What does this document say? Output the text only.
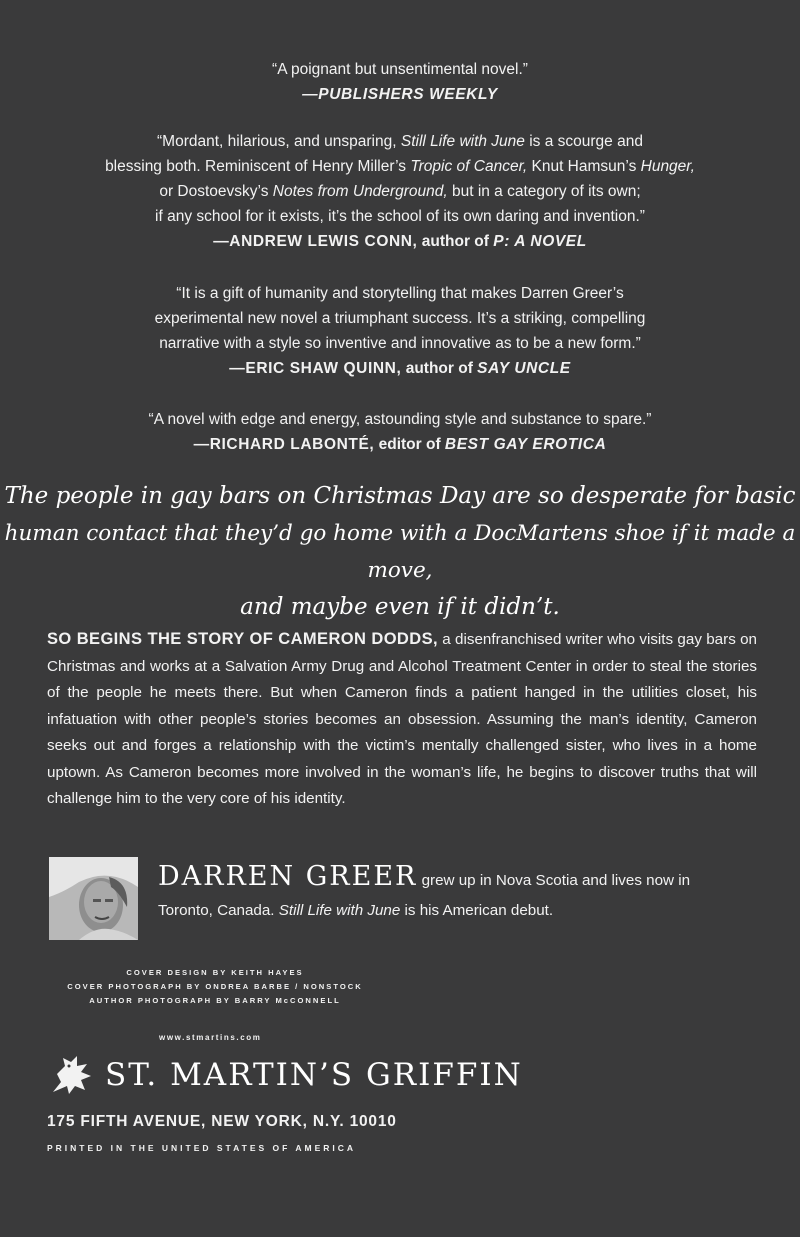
“A poignant but unsentimental novel.”
—PUBLISHERS WEEKLY
“Mordant, hilarious, and unsparing, Still Life with June is a scourge and
blessing both. Reminiscent of Henry Miller’s Tropic of Cancer, Knut Hamsun’s Hunger,
or Dostoevsky’s Notes from Underground, but in a category of its own;
if any school for it exists, it’s the school of its own daring and invention.”
—ANDREW LEWIS CONN, author of P: A NOVEL
“It is a gift of humanity and storytelling that makes Darren Greer’s
experimental new novel a triumphant success. It’s a striking, compelling
narrative with a style so inventive and innovative as to be a new form.”
—ERIC SHAW QUINN, author of SAY UNCLE
“A novel with edge and energy, astounding style and substance to spare.”
—RICHARD LABONTÉ, editor of BEST GAY EROTICA
The people in gay bars on Christmas Day are so desperate for basic
human contact that they’d go home with a DocMartens shoe if it made a move,
and maybe even if it didn’t.
SO BEGINS THE STORY OF CAMERON DODDS, a disenfranchised writer who visits gay bars on Christmas and works at a Salvation Army Drug and Alcohol Treatment Center in order to steal the stories of the people he meets there. But when Cameron finds a patient hanged in the utilities closet, his infatuation with other people’s stories becomes an obsession. Assuming the man’s identity, Cameron seeks out and forges a relationship with the victim’s mentally challenged sister, who lives in a home uptown. As Cameron becomes more involved in the woman’s life, he begins to discover truths that will challenge him to the very core of his identity.
DARREN GREER grew up in Nova Scotia and lives now in
Toronto, Canada. Still Life with June is his American debut.
COVER DESIGN BY KEITH HAYES
COVER PHOTOGRAPH BY ONDREA BARBE / NONSTOCK
AUTHOR PHOTOGRAPH BY BARRY McCONNELL
www.stmartins.com
ST. MARTIN’S GRIFFIN
175 FIFTH AVENUE, NEW YORK, N.Y. 10010
PRINTED IN THE UNITED STATES OF AMERICA
